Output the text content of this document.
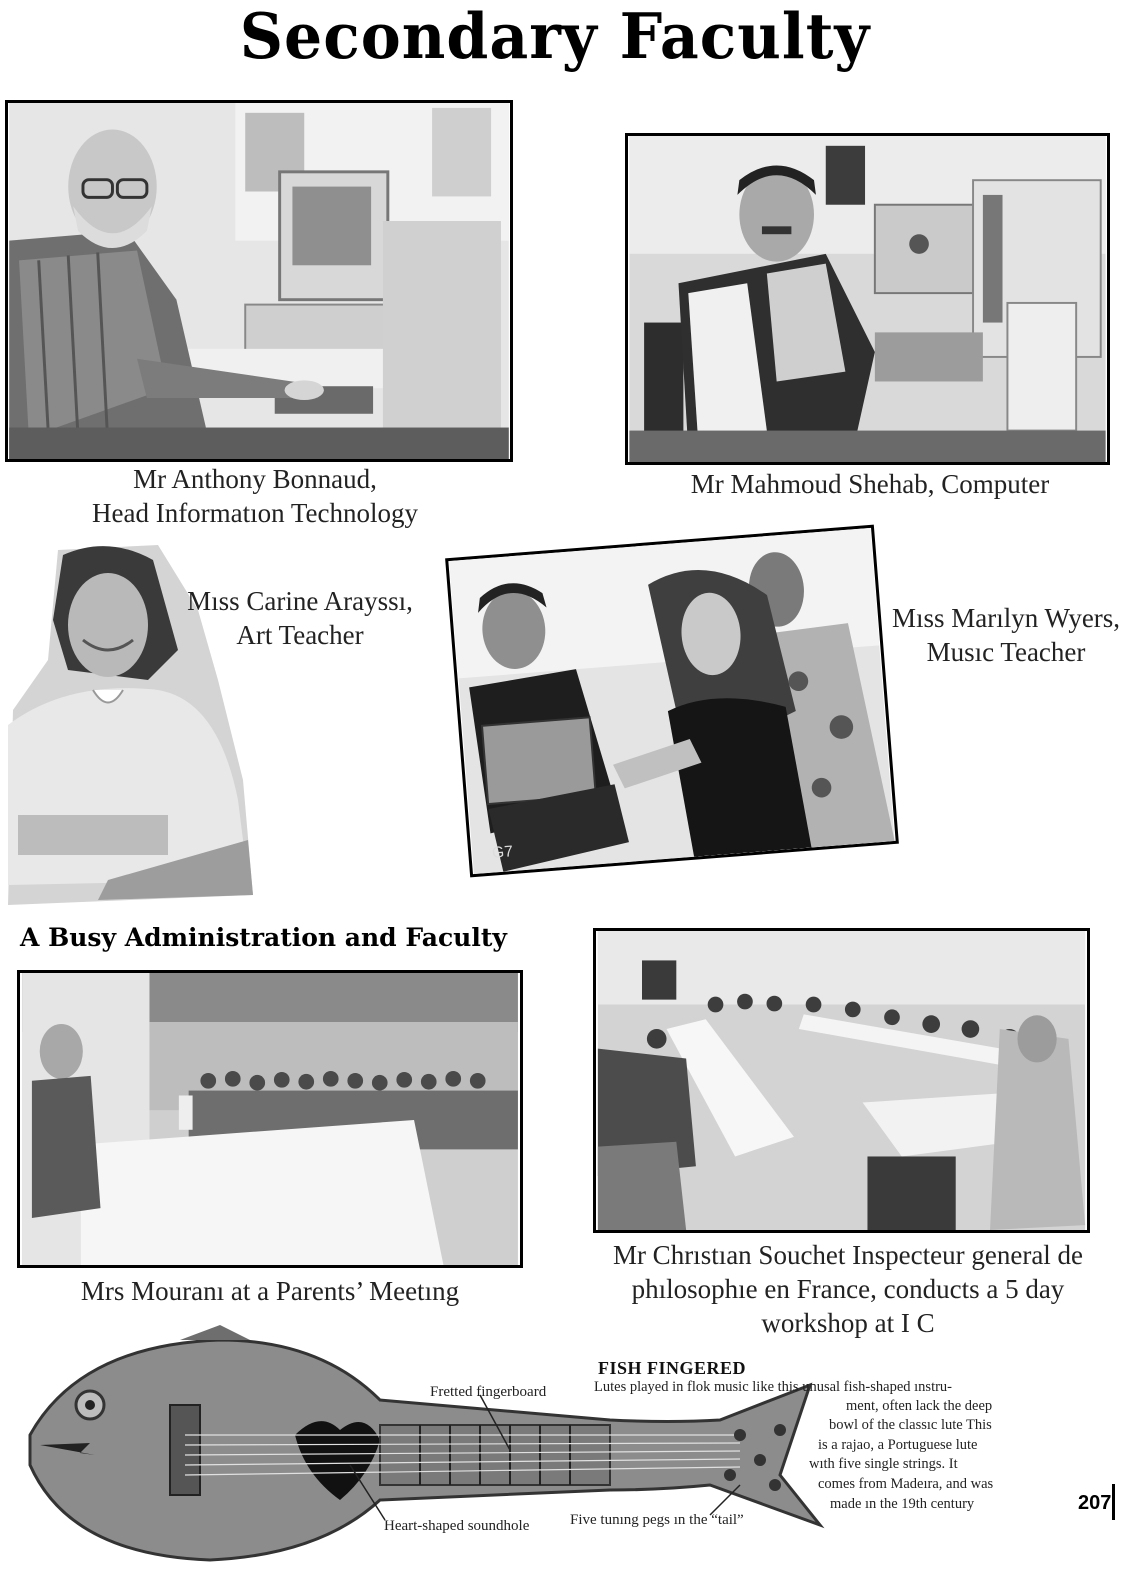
Secondary Faculty
Mr Anthony Bonnaud,
Head Informatıon Technology
Mr Mahmoud Shehab, Computer
Mıss Carine Arayssı,
Art Teacher
G7
Mıss Marılyn Wyers,
Musıc Teacher
A Busy Administration and Faculty
Mrs Mouranı at a Parents’ Meetıng
Mr Chrıstıan Souchet Inspecteur general de
phılosophıe en France, conducts a 5 day
workshop at I C
Fretted fingerboard
Heart-shaped soundhole	Five tunıng pegs ın the “tail”
FISH FINGERED
Lutes played in flok music like this unusal fish-shaped ınstru-
ment, often lack the deep
bowl of the classıc lute This
is a rajao, a Portuguese lute
wıth five single strings. It
comes from Madeıra, and was
made ın the 19th century	207
